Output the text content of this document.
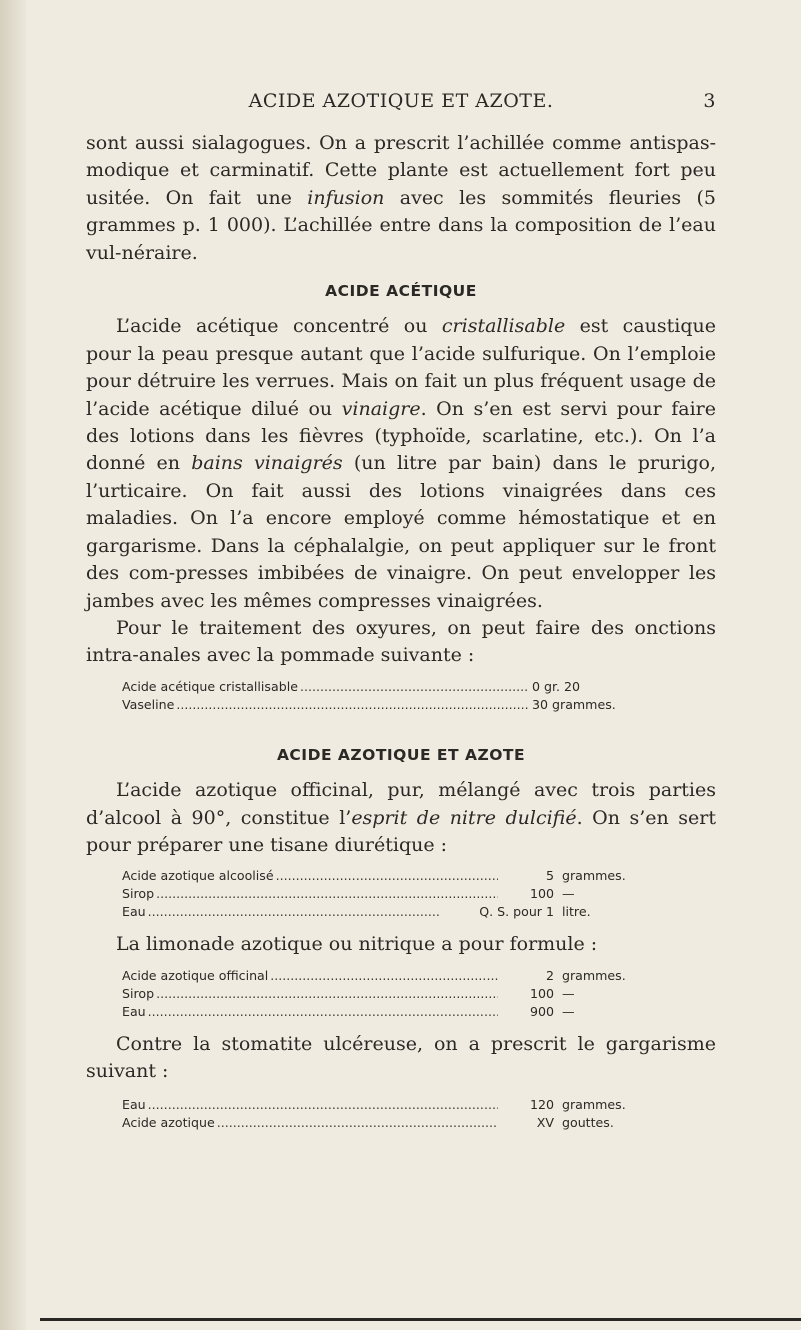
ACIDE AZOTIQUE ET AZOTE.	3

sont aussi sialagogues. On a prescrit l’achillée comme antispas-modique et carminatif. Cette plante est actuellement fort peu usitée. On fait une infusion avec les sommités fleuries (5 grammes p. 1 000). L’achillée entre dans la composition de l’eau vul-néraire.

ACIDE ACÉTIQUE

L’acide acétique concentré ou cristallisable est caustique pour la peau presque autant que l’acide sulfurique. On l’emploie pour détruire les verrues. Mais on fait un plus fréquent usage de l’acide acétique dilué ou vinaigre. On s’en est servi pour faire des lotions dans les fièvres (typhoïde, scarlatine, etc.). On l’a donné en bains vinaigrés (un litre par bain) dans le prurigo, l’urticaire. On fait aussi des lotions vinaigrées dans ces maladies. On l’a encore employé comme hémostatique et en gargarisme. Dans la céphalalgie, on peut appliquer sur le front des com-presses imbibées de vinaigre. On peut envelopper les jambes avec les mêmes compresses vinaigrées.

Pour le traitement des oxyures, on peut faire des onctions intra-anales avec la pommade suivante :

Acide acétique cristallisable .....	0 gr. 20
Vaseline .....	30 grammes.
ACIDE AZOTIQUE ET AZOTE

L’acide azotique officinal, pur, mélangé avec trois parties d’alcool à 90°, constitue l’esprit de nitre dulcifié. On s’en sert pour préparer une tisane diurétique :

Acide azotique alcoolisé .....	5 grammes.
Sirop .....	100 —
Eau .....	Q. S. pour 1 litre.

La limonade azotique ou nitrique a pour formule :

Acide azotique officinal .....	2 grammes.
Sirop .....	100 —
Eau .....	900 —

Contre la stomatite ulcéreuse, on a prescrit le gargarisme suivant :

Eau .....	120 grammes.
Acide azotique .....	XV gouttes.
